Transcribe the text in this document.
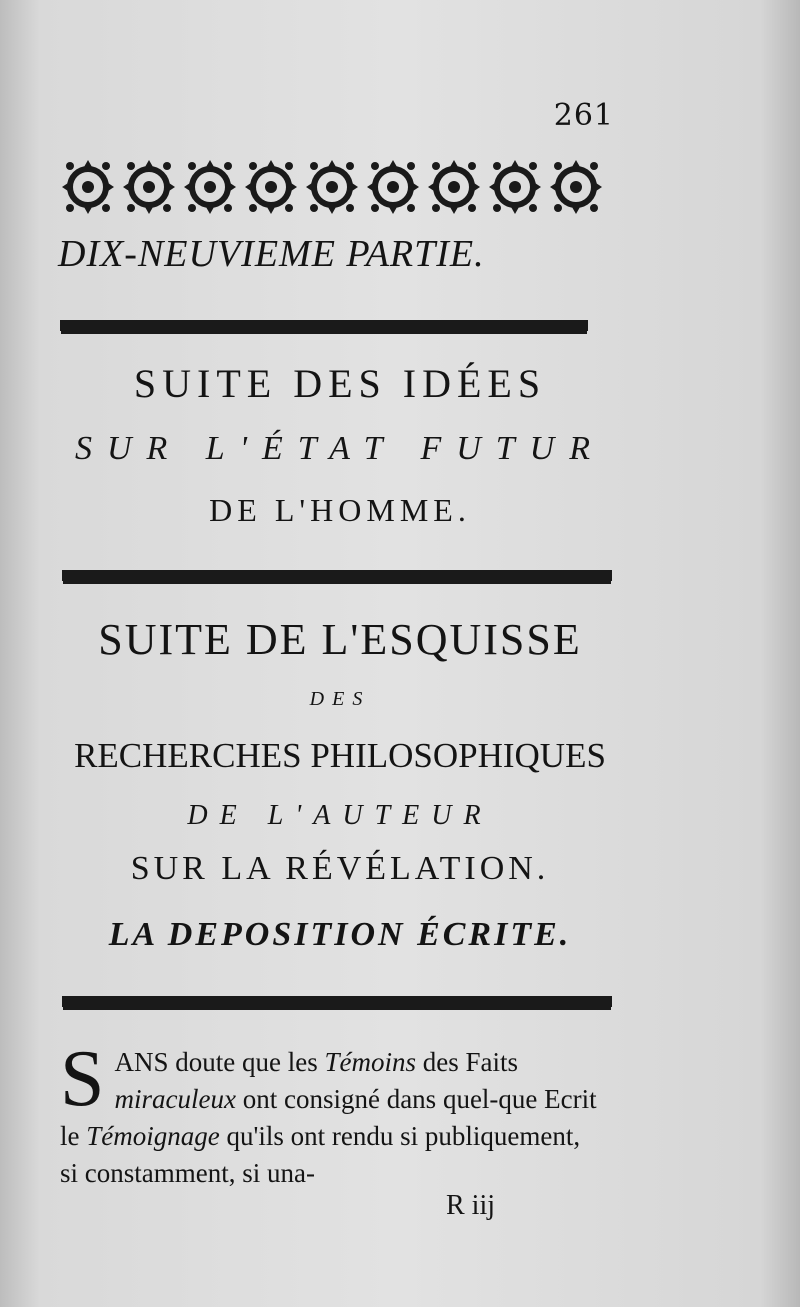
261
DIX-NEUVIEME PARTIE.
SUITE DES IDÉES
SUR L'ÉTAT FUTUR
DE L'HOMME.
SUITE DE L'ESQUISSE
DES
RECHERCHES PHILOSOPHIQUES
DE L'AUTEUR
SUR LA RÉVÉLATION.
LA DEPOSITION ÉCRITE.
S ANS doute que les Témoins des Faits miraculeux ont consigné dans quel-que Ecrit le Témoignage qu'ils ont rendu si publiquement, si constamment, si una-
R iij
